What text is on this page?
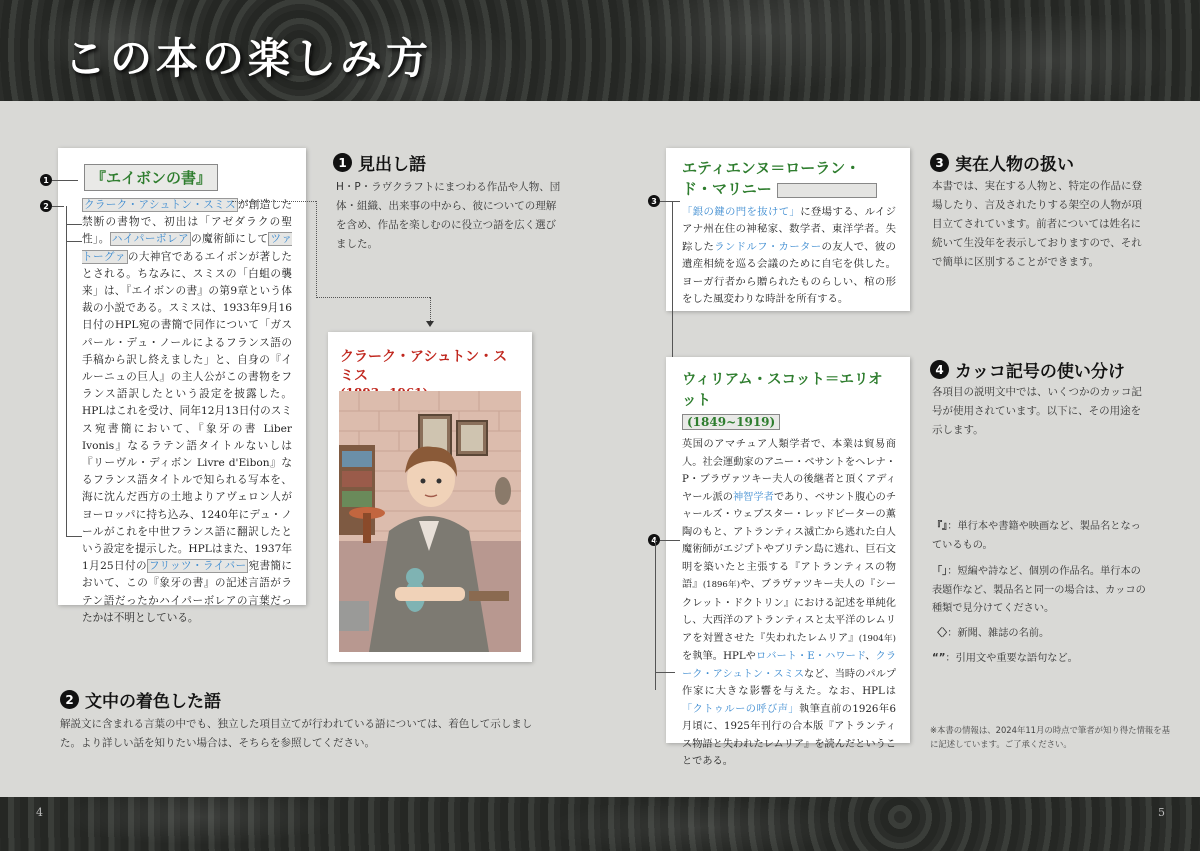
この本の楽しみ方
『エイボンの書』
クラーク・アシュトン・スミス が創造した禁断の書物で、初出は「アゼダラクの聖性」。 ハイパーボレア の魔術師にして ツァトーグァ の大神官であるエイボンが著したとされる。ちなみに、スミスの「白蛆の襲来」は、『エイボンの書』の第9章という体裁の小説である。スミスは、1933年9月16日付のHPL宛の書簡で同作について「ガスパール・デュ・ノールによるフランス語の手稿から訳し終えました」と、自身の『イルーニュの巨人』の主人公がこの書物をフランス語訳したという設定を披露した。HPLはこれを受け、同年12月13日付のスミス宛書簡において、『象牙の書 Liber Ivonis』なるラテン語タイトルないしは『リーヴル・ディボン Livre d'Eibon』なるフランス語タイトルで知られる写本を、海に沈んだ西方の土地よりアヴェロン人がヨーロッパに持ち込み、1240年にデュ・ノールがこれを中世フランス語に翻訳したという設定を提示した。HPLはまた、1937年1月25日付の フリッツ・ライバー 宛書簡において、この『象牙の書』の記述言語がラテン語だったかハイパーボレアの言葉だったかは不明としている。
1
2
1 見出し語
H・P・ラヴクラフトにまつわる作品や人物、団体・組織、出来事の中から、彼についての理解を含め、作品を楽しむのに役立つ語を広く選びました。
クラーク・アシュトン・スミス
2 文中の着色した語
解説文に含まれる言葉の中でも、独立した項目立てが行われている語については、着色して示しました。より詳しい話を知りたい場合は、そちらを参照してください。
エティエンヌ＝ローラン・
ド・マリニー
「銀の鍵の門を抜けて」に登場する、ルイジアナ州在住の神秘家、数学者、東洋学者。失踪したランドルフ・カーターの友人で、彼の遺産相続を巡る会議のために自宅を供した。ヨーガ行者から贈られたものらしい、棺の形をした風変わりな時計を所有する。
3
3 実在人物の扱い
本書では、実在する人物と、特定の作品に登場したり、言及されたりする架空の人物が項目立てされています。前者については姓名に続いて生没年を表示しておりますので、それで簡単に区別することができます。
ウィリアム・スコット＝エリオット
(1849~1919)
英国のアマチュア人類学者で、本業は貿易商人。社会運動家のアニー・ベサントをヘレナ・P・ブラヴァツキー夫人の後継者と頂くアディヤール派の神智学者であり、ベサント腹心のチャールズ・ウェブスター・レッドビーターの薫陶のもと、アトランティス滅亡から逃れた白人魔術師がエジプトやブリテン島に逃れ、巨石文明を築いたと主張する『アトランティスの物語』(1896年)や、ブラヴァツキー夫人の『シークレット・ドクトリン』における記述を単純化し、大西洋のアトランティスと太平洋のレムリアを対置させた『失われたレムリア』(1904年)を執筆。HPLやロバート・E・ハワード、クラーク・アシュトン・スミスなど、当時のパルプ作家に大きな影響を与えた。なお、HPLは「クトゥルーの呼び声」執筆直前の1926年6月頃に、1925年刊行の合本版『アトランティス物語と失われたレムリア』を読んだということである。
4
4 カッコ記号の使い分け
各項目の説明文中では、いくつかのカッコ記号が使用されています。以下に、その用途を示します。
『』：単行本や書籍や映画など、製品名となっているもの。
「」：短編や詩など、個別の作品名。単行本の表題作など、製品名と同一の場合は、カッコの種類で見分けてください。
〈〉：新聞、雑誌の名前。
“”：引用文や重要な語句など。
※本書の情報は、2024年11月の時点で筆者が知り得た情報を基に記述しています。ご了承ください。
4	5
